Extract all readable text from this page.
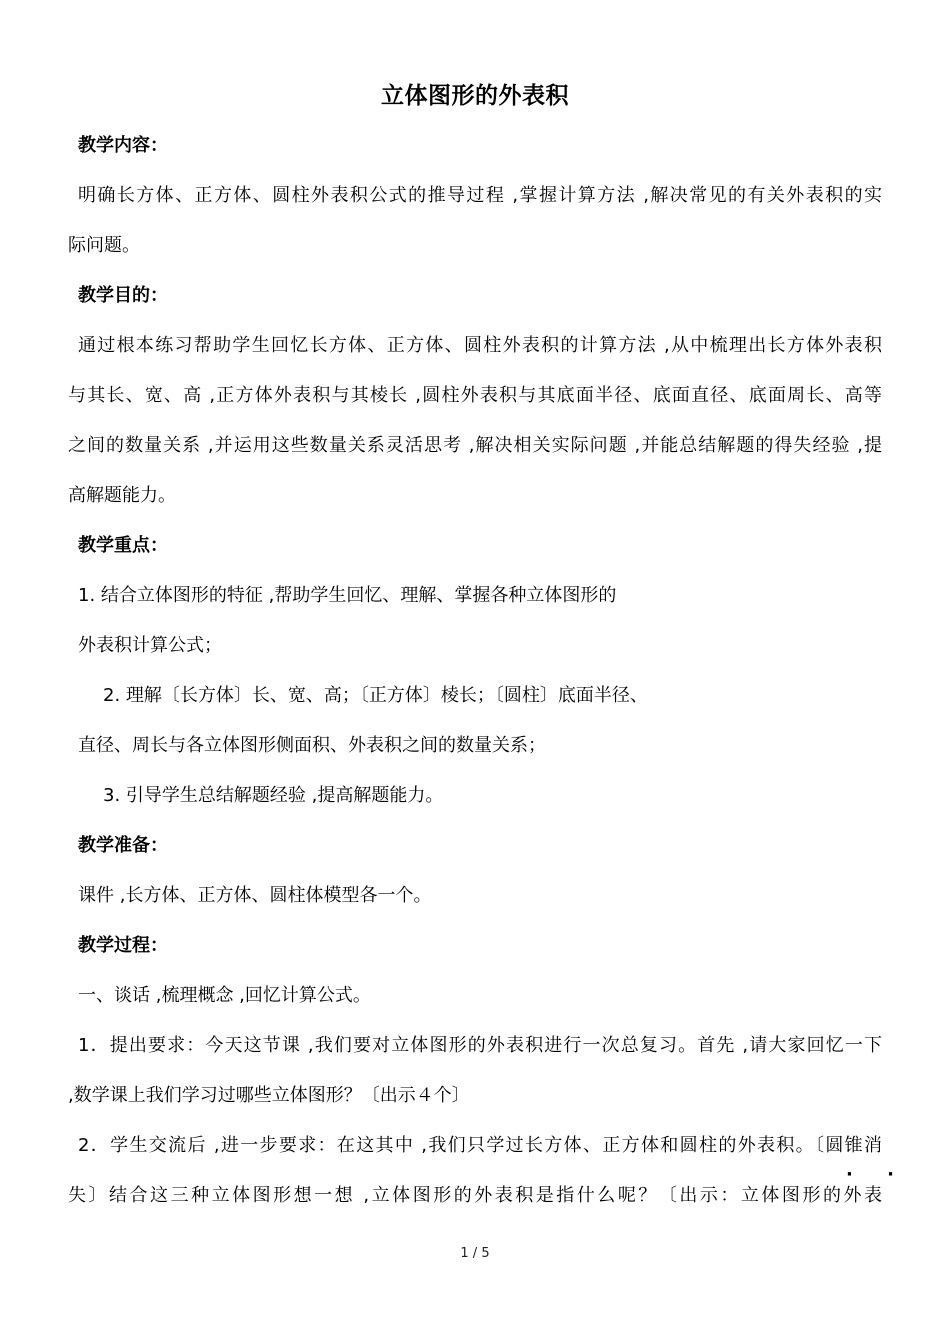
立体图形的外表积
教学内容：
明确长方体、正方体、圆柱外表积公式的推导过程 ,掌握计算方法 ,解决常见的有关外表积的实
际问题。
教学目的：
通过根本练习帮助学生回忆长方体、正方体、圆柱外表积的计算方法 ,从中梳理出长方体外表积
与其长、宽、高 ,正方体外表积与其棱长 ,圆柱外表积与其底面半径、底面直径、底面周长、高等
之间的数量关系 ,并运用这些数量关系灵活思考 ,解决相关实际问题 ,并能总结解题的得失经验 ,提
高解题能力。
教学重点：
1. 结合立体图形的特征 ,帮助学生回忆、理解、掌握各种立体图形的
外表积计算公式；
2. 理解〔长方体〕长、宽、高；〔正方体〕棱长；〔圆柱〕底面半径、
直径、周长与各立体图形侧面积、外表积之间的数量关系；
3. 引导学生总结解题经验 ,提高解题能力。
教学准备：
课件 ,长方体、正方体、圆柱体模型各一个。
教学过程：
一、谈话 ,梳理概念 ,回忆计算公式。
1．提出要求：今天这节课 ,我们要对立体图形的外表积进行一次总复习。首先 ,请大家回忆一下
,数学课上我们学习过哪些立体图形？〔出示４个〕
2．学生交流后 ,进一步要求：在这其中 ,我们只学过长方体、正方体和圆柱的外表积。〔圆锥消
· ·
失〕结合这三种立体图形想一想 ,立体图形的外表积是指什么呢？〔出示：立体图形的外表
1 / 5
